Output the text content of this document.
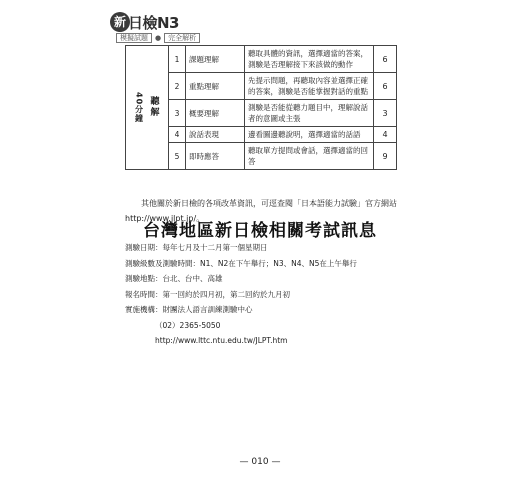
新 日檢N3
模擬試題 ● 完全解析
40分鐘 聽解	1	課題理解	聽取具體的資訊，選擇適當的答案，測驗是否理解接下來該做的動作	6
	2	重點理解	先提示問題，再聽取內容並選擇正確的答案，測驗是否能掌握對話的重點	6
	3	概要理解	測驗是否能從聽力題目中，理解說話者的意圖或主張	3
	4	說話表現	邊看圖邊聽說明，選擇適當的話語	4
	5	即時應答	聽取單方提問或會話，選擇適當的回答	9
其他關於新日檢的各項改革資訊，可逕查閱「日本語能力試驗」官方網站
http://www.jlpt.jp/。
台灣地區新日檢相關考試訊息
測驗日期：每年七月及十二月第一個星期日
測驗級數及測驗時間：N1、N2在下午舉行；N3、N4、N5在上午舉行
測驗地點：台北、台中、高雄
報名時間：第一回約於四月初，第二回約於九月初
實施機構：財團法人語言訓練測驗中心
（02）2365-5050
http://www.lttc.ntu.edu.tw/JLPT.htm
— 010 —
